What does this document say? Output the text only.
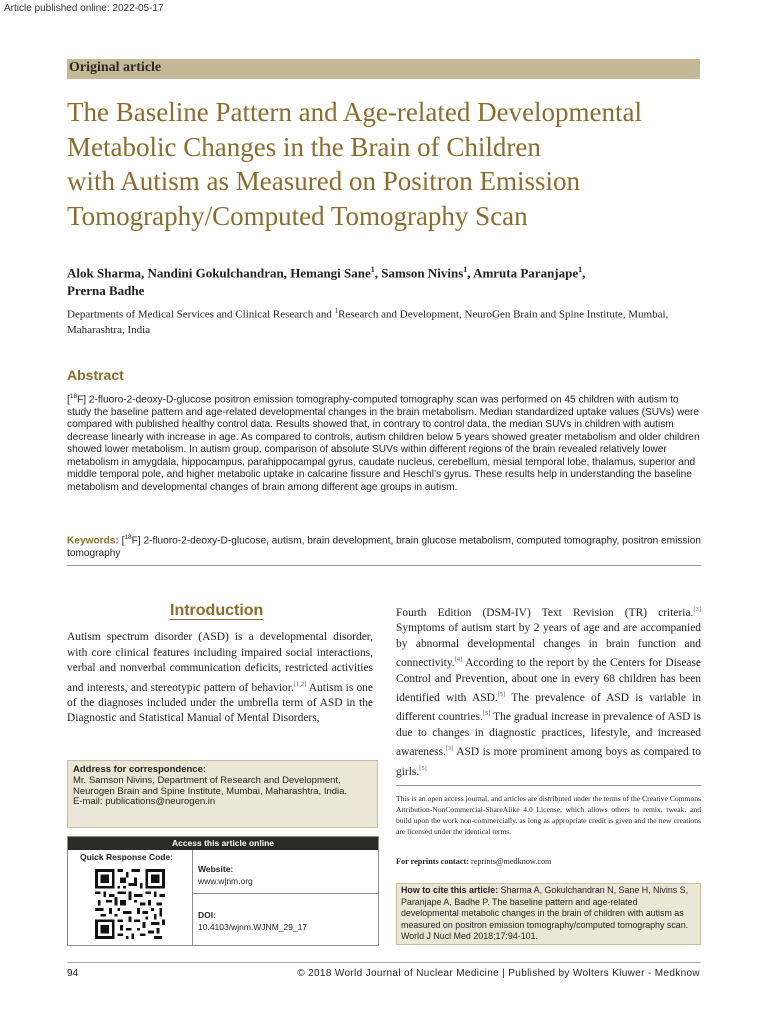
Article published online: 2022-05-17
Original article
The Baseline Pattern and Age-related Developmental
Metabolic Changes in the Brain of Children
with Autism as Measured on Positron Emission
Tomography/Computed Tomography Scan
Alok Sharma, Nandini Gokulchandran, Hemangi Sane$^1$, Samson Nivins$^1$, Amruta Paranjape$^1$,
Prerna Badhe
Departments of Medical Services and Clinical Research and $^1$Research and Development, NeuroGen Brain and Spine Institute, Mumbai, Maharashtra, India
Abstract
[$^{18}$F] 2-fluoro-2-deoxy-D-glucose positron emission tomography-computed tomography scan was performed on 45 children with autism to study the baseline pattern and age-related developmental changes in the brain metabolism. Median standardized uptake values (SUVs) were compared with published healthy control data. Results showed that, in contrary to control data, the median SUVs in children with autism decrease linearly with increase in age. As compared to controls, autism children below 5 years showed greater metabolism and older children showed lower metabolism. In autism group, comparison of absolute SUVs within different regions of the brain revealed relatively lower metabolism in amygdala, hippocampus, parahippocampal gyrus, caudate nucleus, cerebellum, mesial temporal lobe, thalamus, superior and middle temporal pole, and higher metabolic uptake in calcarine fissure and Heschl’s gyrus. These results help in understanding the baseline metabolism and developmental changes of brain among different age groups in autism.
Keywords: [$^{18}$F] 2-fluoro-2-deoxy-D-glucose, autism, brain development, brain glucose metabolism, computed tomography, positron emission tomography
Introduction
Autism spectrum disorder (ASD) is a developmental disorder, with core clinical features including impaired social interactions, verbal and nonverbal communication deficits, restricted activities and interests, and stereotypic pattern of behavior.[1,2] Autism is one of the diagnoses included under the umbrella term of ASD in the Diagnostic and Statistical Manual of Mental Disorders,
Fourth Edition (DSM-IV) Text Revision (TR) criteria.[3] Symptoms of autism start by 2 years of age and are accompanied by abnormal developmental changes in brain function and connectivity.[4] According to the report by the Centers for Disease Control and Prevention, about one in every 68 children has been identified with ASD.[5] The prevalence of ASD is variable in different countries.[5] The gradual increase in prevalence of ASD is due to changes in diagnostic practices, lifestyle, and increased awareness.[3] ASD is more prominent among boys as compared to girls.[5]
Address for correspondence:
Mr. Samson Nivins, Department of Research and Development,
Neurogen Brain and Spine Institute, Mumbai, Maharashtra, India.
E-mail: publications@neurogen.in
Access this article online
Quick Response Code:
Website:
www.wjnm.org
DOI:
10.4103/wjnm.WJNM_29_17
This is an open access journal, and articles are distributed under the terms of the Creative Commons Attribution-NonCommercial-ShareAlike 4.0 License, which allows others to remix, tweak, and build upon the work non-commercially, as long as appropriate credit is given and the new creations are licensed under the identical terms.
For reprints contact: reprints@medknow.com
How to cite this article: Sharma A, Gokulchandran N, Sane H, Nivins S, Paranjape A, Badhe P. The baseline pattern and age-related developmental metabolic changes in the brain of children with autism as measured on positron emission tomography/computed tomography scan. World J Nucl Med 2018;17:94-101.
94	© 2018 World Journal of Nuclear Medicine | Published by Wolters Kluwer - Medknow
